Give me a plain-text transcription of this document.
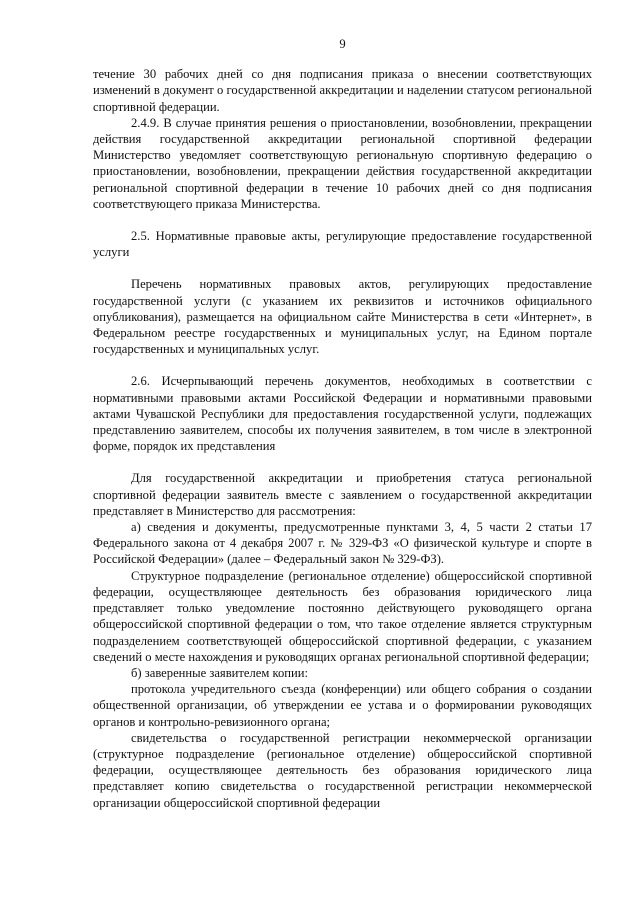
9

течение 30 рабочих дней со дня подписания приказа о внесении соответствующих изменений в документ о государственной аккредитации и наделении статусом региональной спортивной федерации.

2.4.9. В случае принятия решения о приостановлении, возобновлении, прекращении действия государственной аккредитации региональной спортивной федерации Министерство уведомляет соответствующую региональную спортивную федерацию о приостановлении, возобновлении, прекращении действия государственной аккредитации региональной спортивной федерации в течение 10 рабочих дней со дня подписания соответствующего приказа Министерства.

2.5. Нормативные правовые акты, регулирующие предоставление государственной услуги

Перечень нормативных правовых актов, регулирующих предоставление государственной услуги (с указанием их реквизитов и источников официального опубликования), размещается на официальном сайте Министерства в сети «Интернет», в Федеральном реестре государственных и муниципальных услуг, на Едином портале государственных и муниципальных услуг.

2.6. Исчерпывающий перечень документов, необходимых в соответствии с нормативными правовыми актами Российской Федерации и нормативными правовыми актами Чувашской Республики для предоставления государственной услуги, подлежащих представлению заявителем, способы их получения заявителем, в том числе в электронной форме, порядок их представления

Для государственной аккредитации и приобретения статуса региональной спортивной федерации заявитель вместе с заявлением о государственной аккредитации представляет в Министерство для рассмотрения:

а) сведения и документы, предусмотренные пунктами 3, 4, 5 части 2 статьи 17 Федерального закона от 4 декабря 2007 г. № 329-ФЗ «О физической культуре и спорте в Российской Федерации» (далее – Федеральный закон № 329-ФЗ).

Структурное подразделение (региональное отделение) общероссийской спортивной федерации, осуществляющее деятельность без образования юридического лица представляет только уведомление постоянно действующего руководящего органа общероссийской спортивной федерации о том, что такое отделение является структурным подразделением соответствующей общероссийской спортивной федерации, с указанием сведений о месте нахождения и руководящих органах региональной спортивной федерации;

б) заверенные заявителем копии:

протокола учредительного съезда (конференции) или общего собрания о создании общественной организации, об утверждении ее устава и о формировании руководящих органов и контрольно-ревизионного органа;

свидетельства о государственной регистрации некоммерческой организации (структурное подразделение (региональное отделение) общероссийской спортивной федерации, осуществляющее деятельность без образования юридического лица представляет копию свидетельства о государственной регистрации некоммерческой организации общероссийской спортивной федерации
